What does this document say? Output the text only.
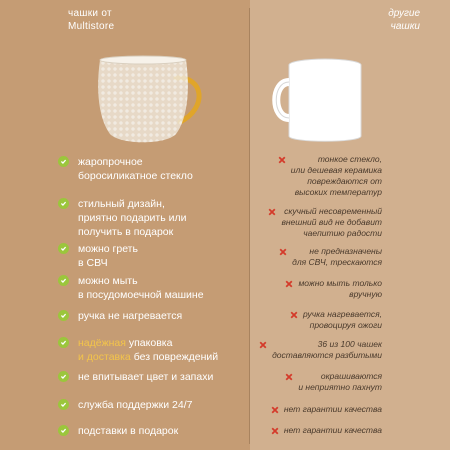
чашки от
Multistore
другие
чашки
жаропрочное
боросиликатное стекло
стильный дизайн,
приятно подарить или
получить в подарок
можно греть
в СВЧ
можно мыть
в посудомоечной машине
ручка не нагревается
надёжная упаковка
и доставка без повреждений
не впитывает цвет и запахи
служба поддержки 24/7
подставки в подарок
тонкое стекло,
или дешевая керамика
повреждаются от
высоких температур
скучный несовременный
внешний вид не добавит
чаепитию радости
не предназначены
для СВЧ, трескаются
можно мыть только
вручную
ручка нагревается,
провоцируя ожоги
36 из 100 чашек
доставляются разбитыми
окрашиваются
и неприятно пахнут
нет гарантии качества
нет гарантии качества
